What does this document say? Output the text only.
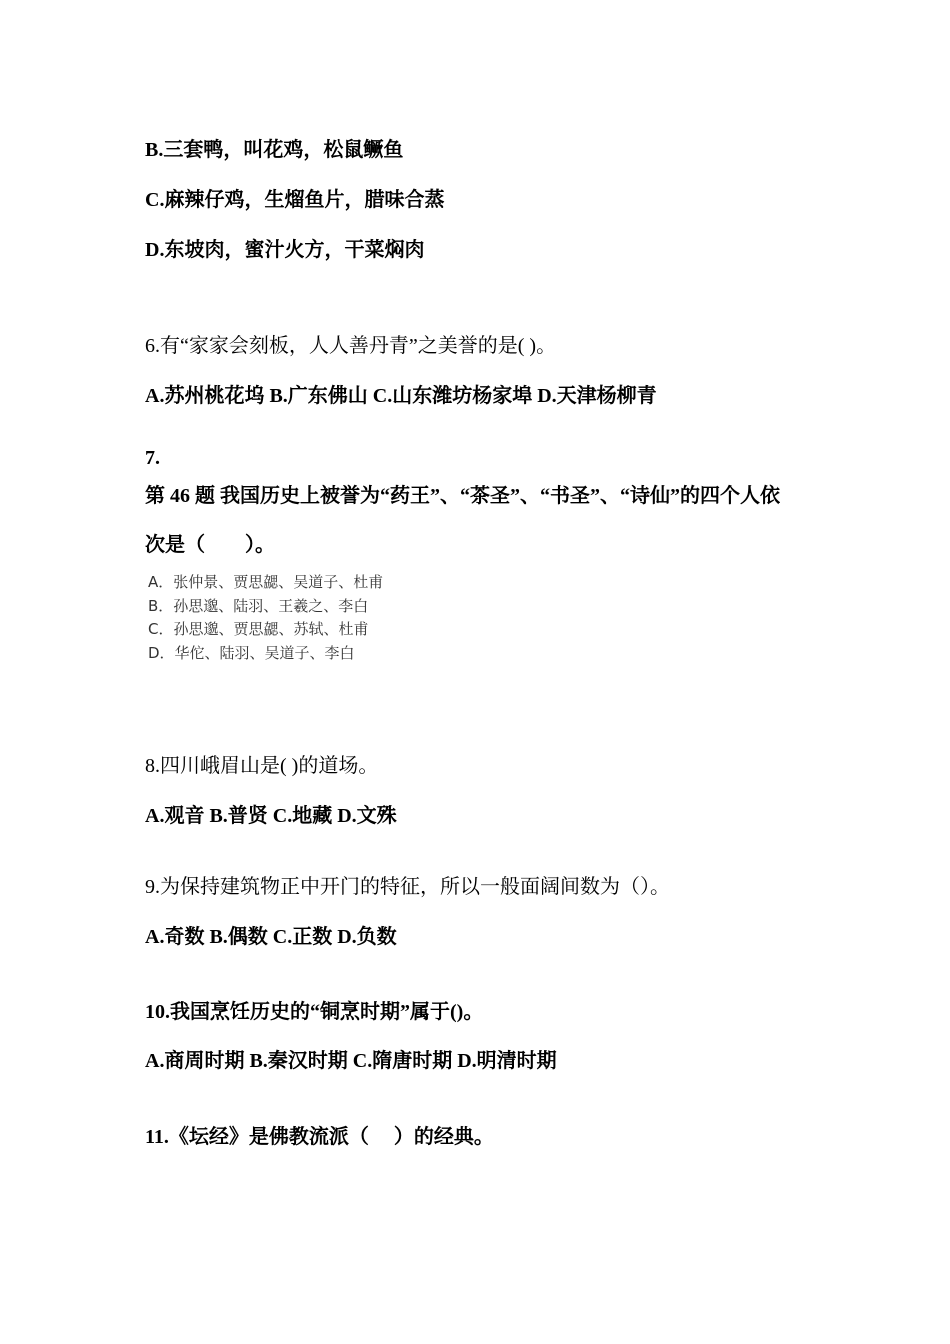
B.三套鸭，叫花鸡，松鼠鳜鱼
C.麻辣仔鸡，生熘鱼片，腊味合蒸
D.东坡肉，蜜汁火方，干菜焖肉
6.有“家家会刻板，人人善丹青”之美誉的是( )。
A.苏州桃花坞 B.广东佛山 C.山东潍坊杨家埠 D.天津杨柳青
7.
第 46 题 我国历史上被誉为“药王”、“茶圣”、“书圣”、“诗仙”的四个人依
次是（　　）。
A．张仲景、贾思勰、吴道子、杜甫
B．孙思邈、陆羽、王羲之、李白
C．孙思邈、贾思勰、苏轼、杜甫
D．华佗、陆羽、吴道子、李白
8.四川峨眉山是( )的道场。
A.观音 B.普贤 C.地藏 D.文殊
9.为保持建筑物正中开门的特征，所以一般面阔间数为（）。
A.奇数 B.偶数 C.正数 D.负数
10.我国烹饪历史的“铜烹时期”属于()。
A.商周时期 B.秦汉时期 C.隋唐时期 D.明清时期
11.《坛经》是佛教流派（　 ）的经典。
